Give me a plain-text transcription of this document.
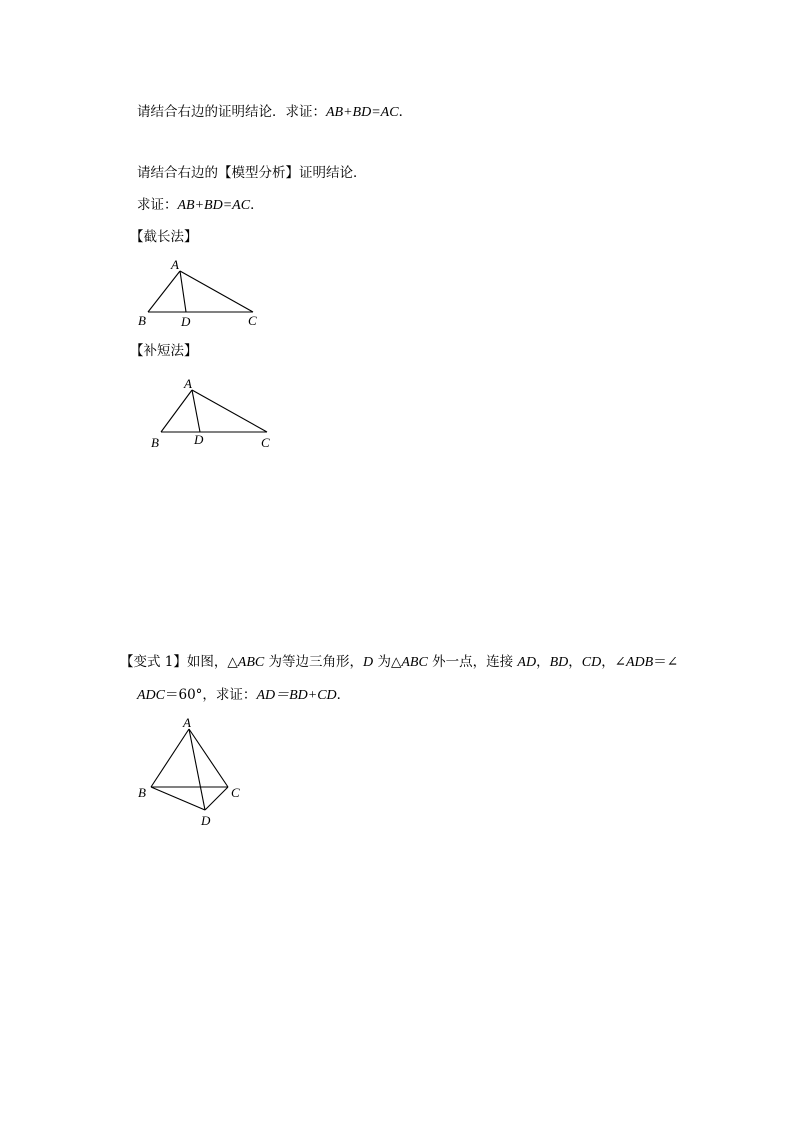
请结合右边的证明结论．求证：AB+BD=AC．
请结合右边的【模型分析】证明结论．
求证：AB+BD=AC．
【截长法】
A
B	D	C
【补短法】
A
B	D	C
【变式 1】如图，△ABC 为等边三角形，D 为△ABC 外一点，连接 AD，BD，CD，∠ADB＝∠
ADC＝60°，求证：AD＝BD+CD．
A
B	C
D
